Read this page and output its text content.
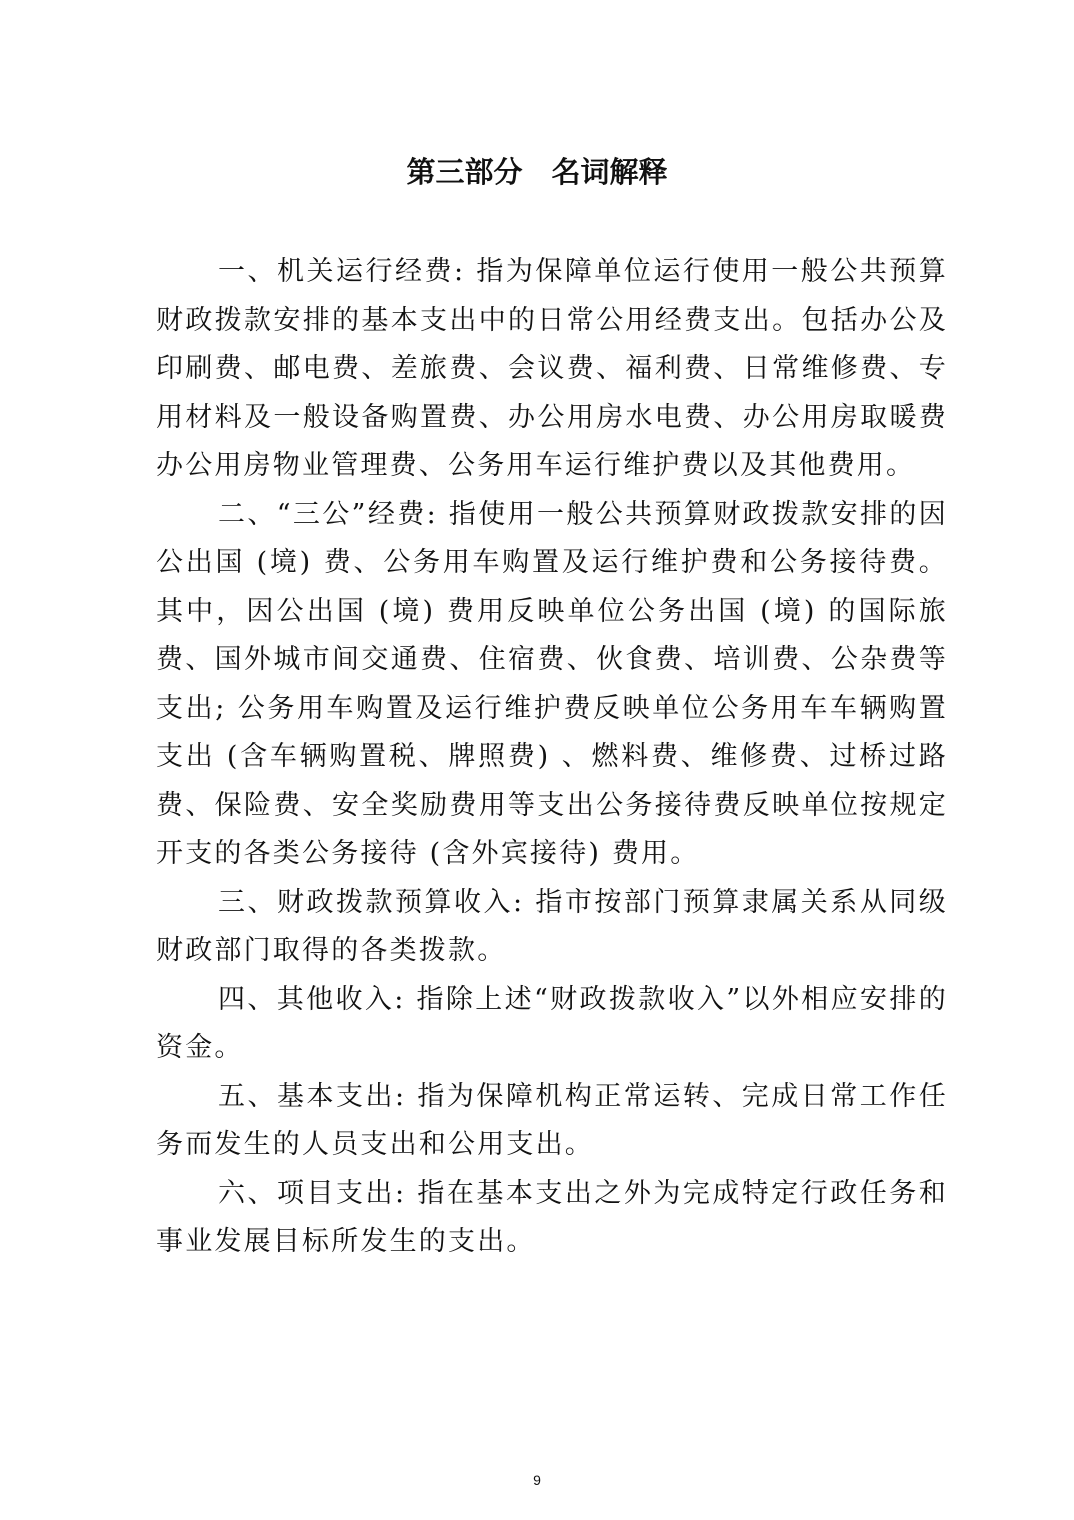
第三部分　名词解释

一、机关运行经费: 指为保障单位运行使用一般公共预算财政拨款安排的基本支出中的日常公用经费支出。包括办公及印刷费、邮电费、差旅费、会议费、福利费、日常维修费、专用材料及一般设备购置费、办公用房水电费、办公用房取暖费办公用房物业管理费、公务用车运行维护费以及其他费用。

二、“三公”经费: 指使用一般公共预算财政拨款安排的因公出国 (境) 费、公务用车购置及运行维护费和公务接待费。其中，因公出国 (境) 费用反映单位公务出国 (境) 的国际旅费、国外城市间交通费、住宿费、伙食费、培训费、公杂费等支出; 公务用车购置及运行维护费反映单位公务用车车辆购置支出 (含车辆购置税、牌照费) 、燃料费、维修费、过桥过路费、保险费、安全奖励费用等支出公务接待费反映单位按规定开支的各类公务接待 (含外宾接待) 费用。

三、财政拨款预算收入: 指市按部门预算隶属关系从同级财政部门取得的各类拨款。

四、其他收入: 指除上述“财政拨款收入”以外相应安排的资金。

五、基本支出: 指为保障机构正常运转、完成日常工作任务而发生的人员支出和公用支出。

六、项目支出: 指在基本支出之外为完成特定行政任务和事业发展目标所发生的支出。

9
